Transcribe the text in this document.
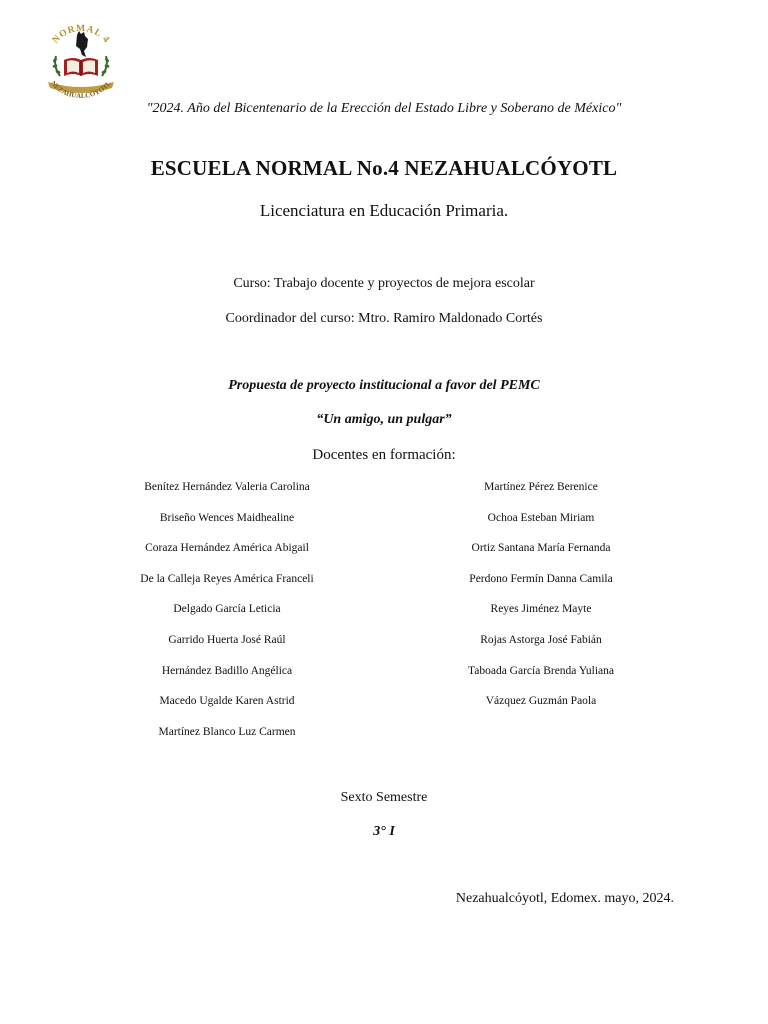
NORMAL 4
NEZAHUALCÓYOTL
"2024. Año del Bicentenario de la Erección del Estado Libre y Soberano de México"
ESCUELA NORMAL No.4 NEZAHUALCÓYOTL
Licenciatura en Educación Primaria.
Curso: Trabajo docente y proyectos de mejora escolar
Coordinador del curso: Mtro. Ramiro Maldonado Cortés
Propuesta de proyecto institucional a favor del PEMC
“Un amigo, un pulgar”
Docentes en formación:
Benítez Hernández Valeria Carolina
Briseño Wences Maidhealine
Coraza Hernández América Abigail
De la Calleja Reyes América Franceli
Delgado García Leticia
Garrido Huerta José Raúl
Hernández Badillo Angélica
Macedo Ugalde Karen Astrid
Martínez Blanco Luz Carmen
Martínez Pérez Berenice
Ochoa Esteban Miriam
Ortiz Santana María Fernanda
Perdono Fermín Danna Camila
Reyes Jiménez Mayte
Rojas Astorga José Fabián
Taboada García Brenda Yuliana
Vázquez Guzmán Paola
Sexto Semestre
3° I
Nezahualcóyotl, Edomex. mayo, 2024.
